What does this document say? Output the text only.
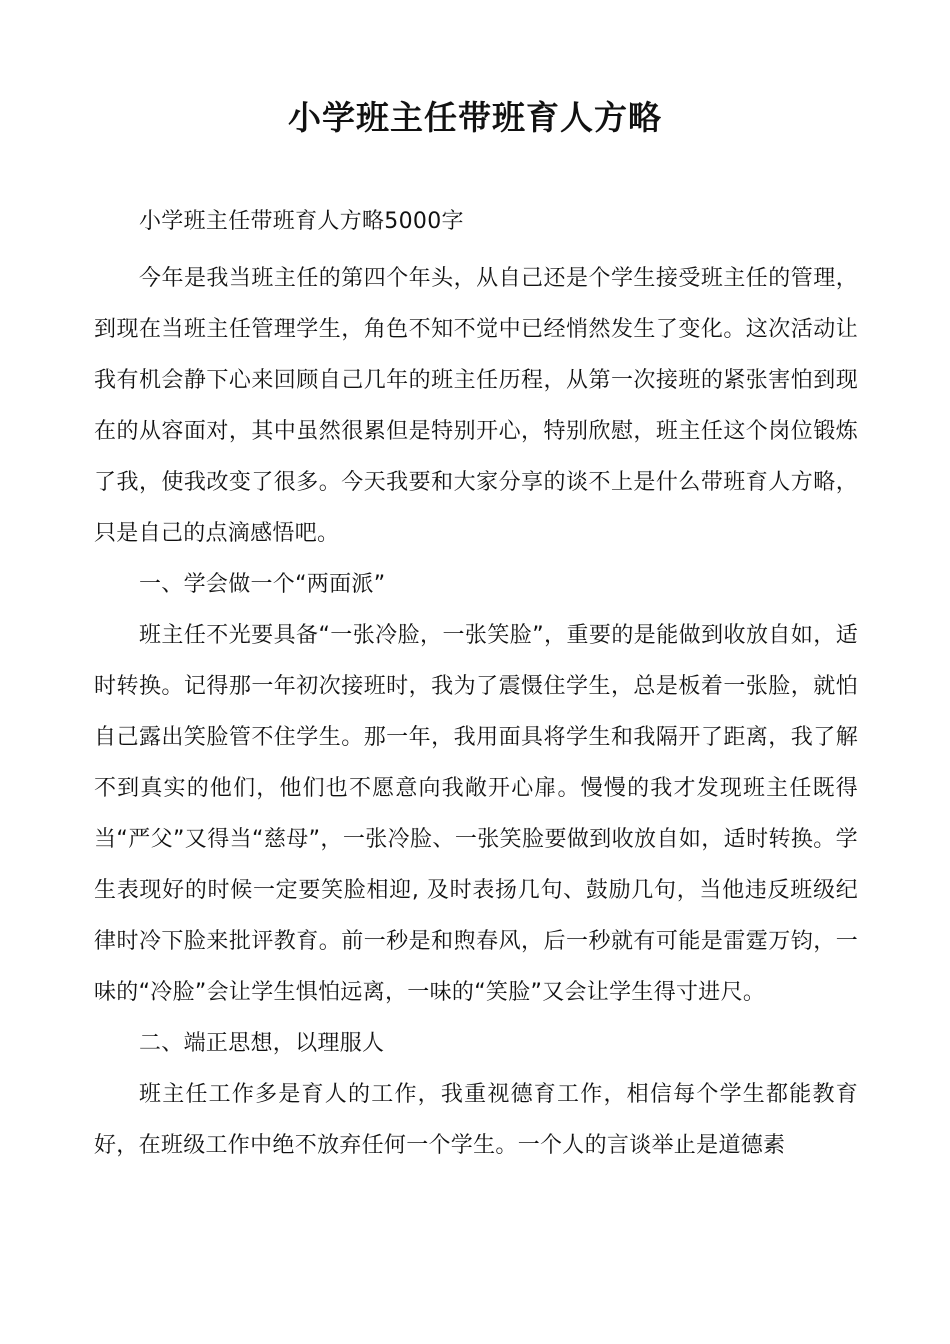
小学班主任带班育人方略

小学班主任带班育人方略5000字

今年是我当班主任的第四个年头，从自己还是个学生接受班主任的管理，到现在当班主任管理学生，角色不知不觉中已经悄然发生了变化。这次活动让我有机会静下心来回顾自己几年的班主任历程，从第一次接班的紧张害怕到现在的从容面对，其中虽然很累但是特别开心，特别欣慰，班主任这个岗位锻炼了我，使我改变了很多。今天我要和大家分享的谈不上是什么带班育人方略，只是自己的点滴感悟吧。

一、学会做一个“两面派”

班主任不光要具备“一张冷脸，一张笑脸”，重要的是能做到收放自如，适时转换。记得那一年初次接班时，我为了震慑住学生，总是板着一张脸，就怕自己露出笑脸管不住学生。那一年，我用面具将学生和我隔开了距离，我了解不到真实的他们，他们也不愿意向我敞开心扉。慢慢的我才发现班主任既得当“严父”又得当“慈母”，一张冷脸、一张笑脸要做到收放自如，适时转换。学生表现好的时候一定要笑脸相迎, 及时表扬几句、鼓励几句，当他违反班级纪律时冷下脸来批评教育。前一秒是和煦春风，后一秒就有可能是雷霆万钧，一味的“冷脸”会让学生惧怕远离，一味的“笑脸”又会让学生得寸进尺。

二、端正思想，以理服人

班主任工作多是育人的工作，我重视德育工作，相信每个学生都能教育好，在班级工作中绝不放弃任何一个学生。一个人的言谈举止是道德素
